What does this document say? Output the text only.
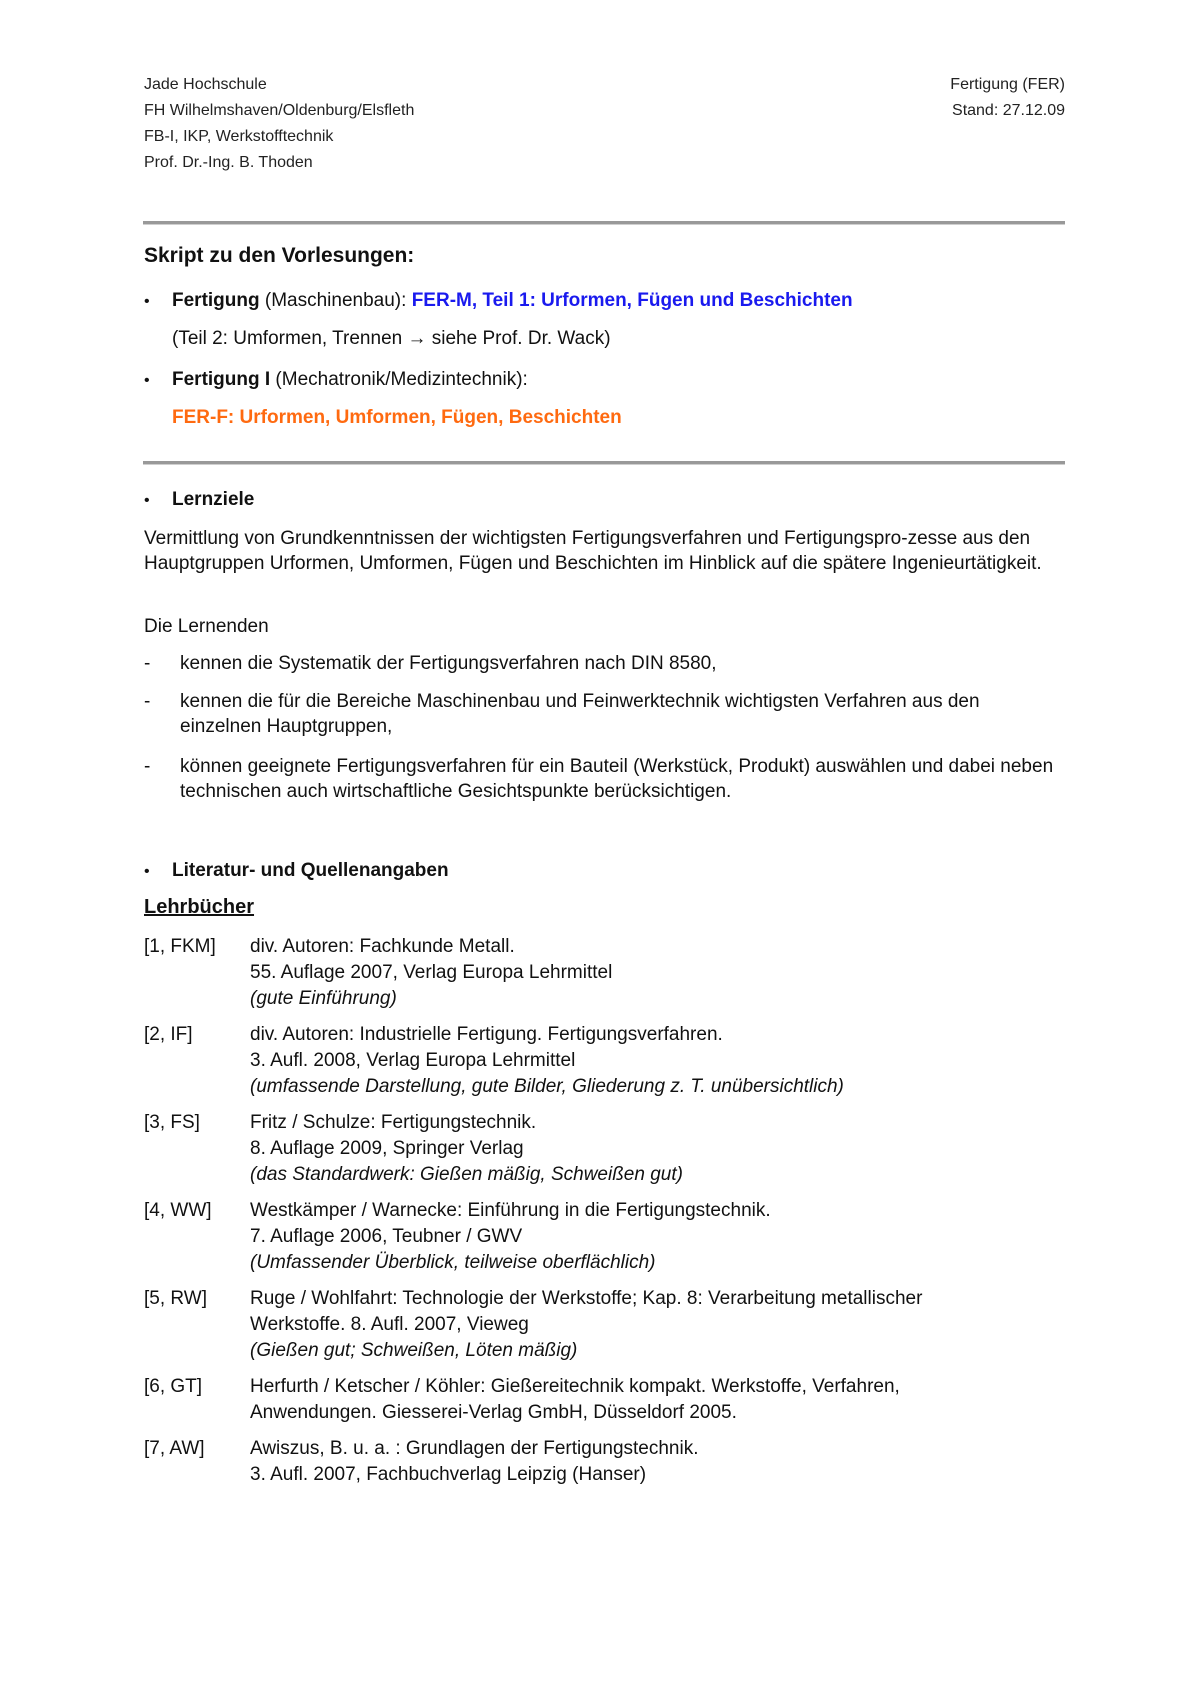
Jade Hochschule
FH Wilhelmshaven/Oldenburg/Elsfleth
FB-I, IKP, Werkstofftechnik
Prof. Dr.-Ing. B. Thoden
Fertigung (FER)
Stand: 27.12.09
Skript zu den Vorlesungen:
• Fertigung (Maschinenbau): FER-M, Teil 1: Urformen, Fügen und Beschichten
(Teil 2: Umformen, Trennen → siehe Prof. Dr. Wack)
• Fertigung I (Mechatronik/Medizintechnik):
FER-F: Urformen, Umformen, Fügen, Beschichten
• Lernziele
Vermittlung von Grundkenntnissen der wichtigsten Fertigungsverfahren und Fertigungspro-zesse aus den Hauptgruppen Urformen, Umformen, Fügen und Beschichten im Hinblick auf die spätere Ingenieurtätigkeit.
Die Lernenden
- kennen die Systematik der Fertigungsverfahren nach DIN 8580,
- kennen die für die Bereiche Maschinenbau und Feinwerktechnik wichtigsten Verfahren aus den einzelnen Hauptgruppen,
- können geeignete Fertigungsverfahren für ein Bauteil (Werkstück, Produkt) auswählen und dabei neben technischen auch wirtschaftliche Gesichtspunkte berücksichtigen.
• Literatur- und Quellenangaben
Lehrbücher
[1, FKM] div. Autoren: Fachkunde Metall.
55. Auflage 2007, Verlag Europa Lehrmittel
(gute Einführung)
[2, IF]	div. Autoren: Industrielle Fertigung. Fertigungsverfahren.
3. Aufl. 2008, Verlag Europa Lehrmittel
(umfassende Darstellung, gute Bilder, Gliederung z. T. unübersichtlich)
[3, FS]	Fritz / Schulze: Fertigungstechnik.
8. Auflage 2009, Springer Verlag
(das Standardwerk: Gießen mäßig, Schweißen gut)
[4, WW] Westkämper / Warnecke: Einführung in die Fertigungstechnik.
7. Auflage 2006, Teubner / GWV
(Umfassender Überblick, teilweise oberflächlich)
[5, RW] Ruge / Wohlfahrt: Technologie der Werkstoffe; Kap. 8: Verarbeitung metallischer
Werkstoffe. 8. Aufl. 2007, Vieweg
(Gießen gut; Schweißen, Löten mäßig)
[6, GT]	Herfurth / Ketscher / Köhler: Gießereitechnik kompakt. Werkstoffe, Verfahren,
Anwendungen. Giesserei-Verlag GmbH, Düsseldorf 2005.
[7, AW] Awiszus, B. u. a. : Grundlagen der Fertigungstechnik.
3. Aufl. 2007, Fachbuchverlag Leipzig (Hanser)
